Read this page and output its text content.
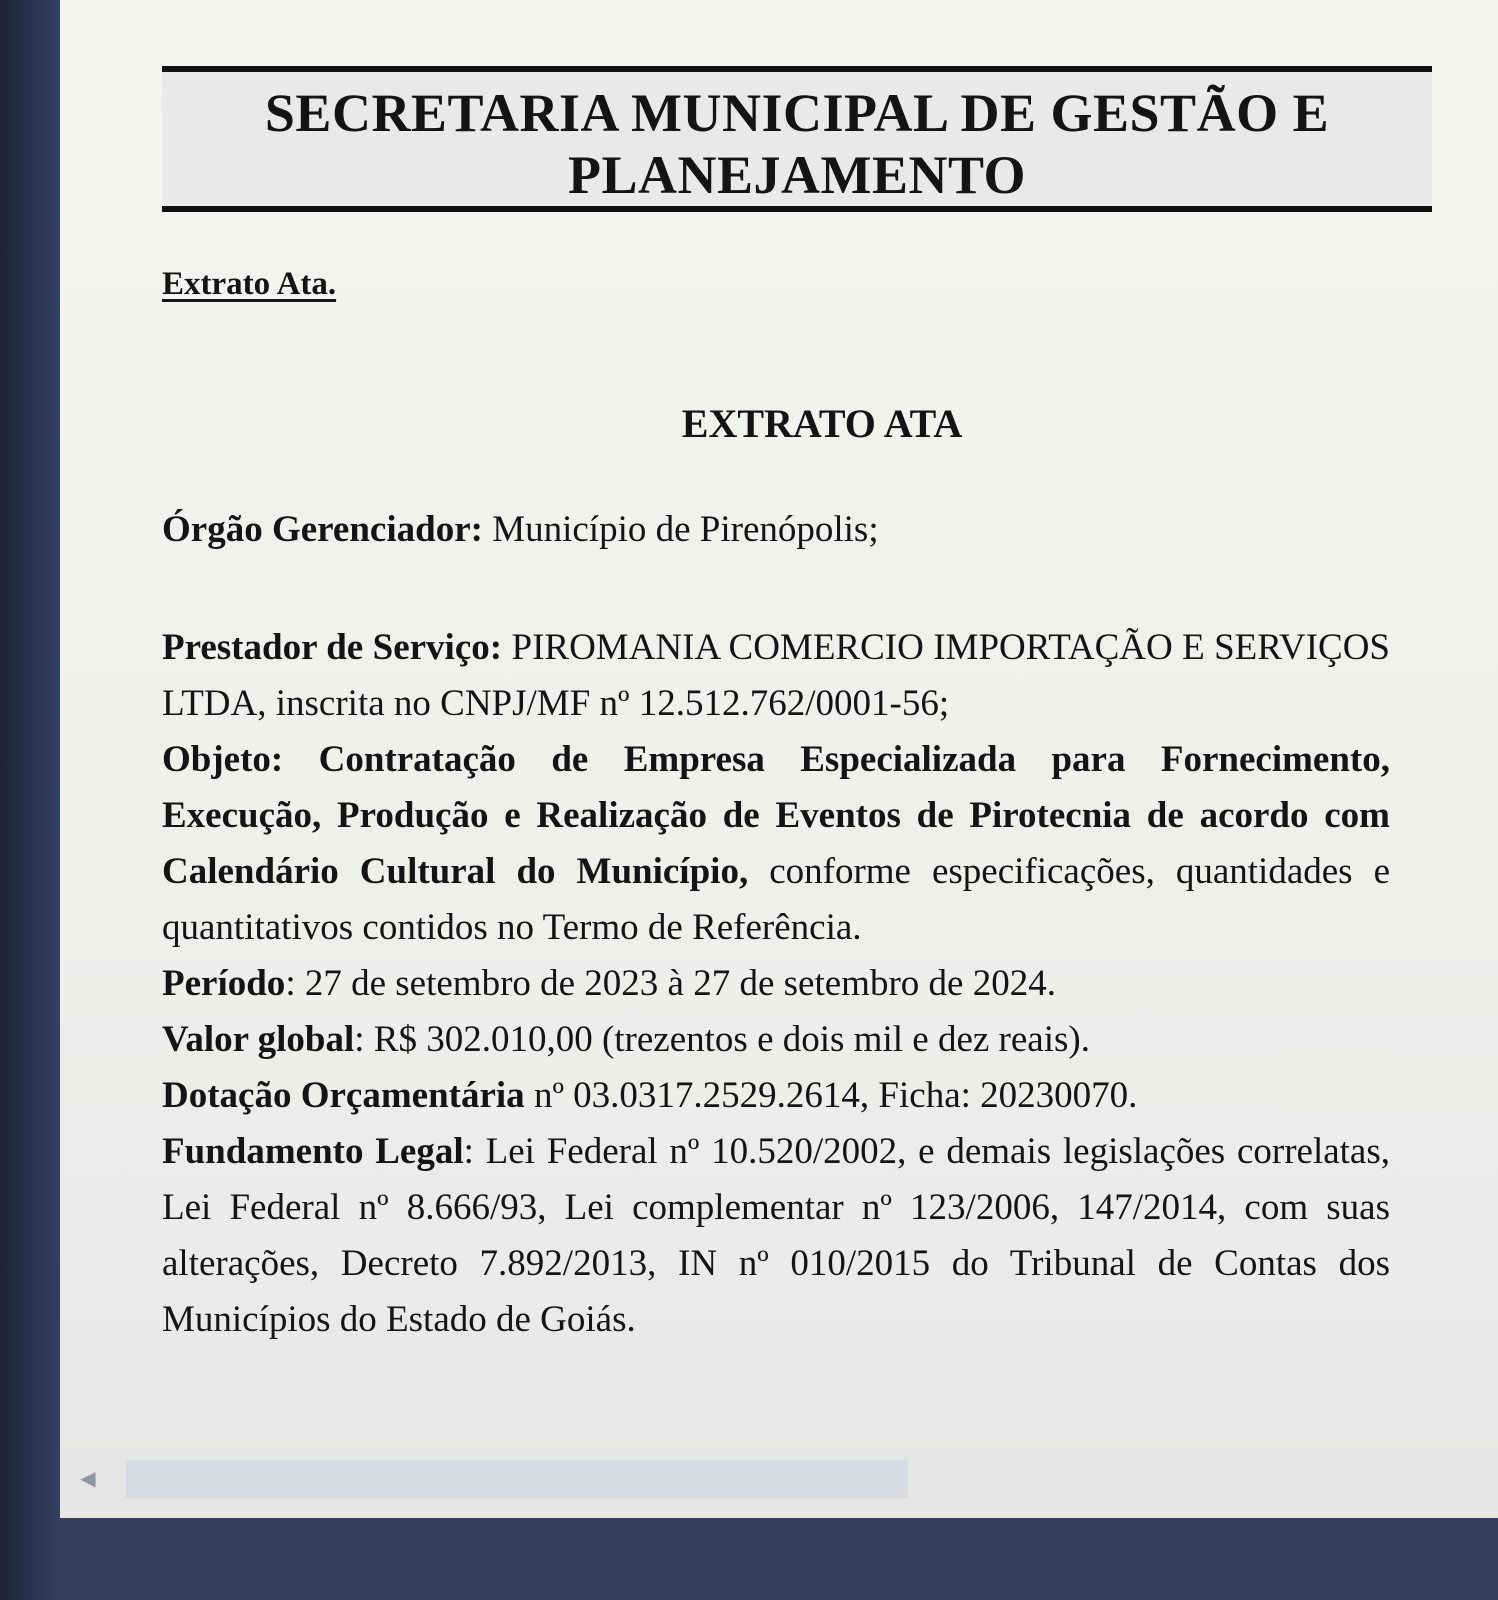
SECRETARIA MUNICIPAL DE GESTÃO E PLANEJAMENTO
Extrato Ata.
EXTRATO ATA

Órgão Gerenciador: Município de Pirenópolis;

Prestador de Serviço: PIROMANIA COMERCIO IMPORTAÇÃO E SERVIÇOS LTDA, inscrita no CNPJ/MF nº 12.512.762/0001-56;

Objeto: Contratação de Empresa Especializada para Fornecimento, Execução, Produção e Realização de Eventos de Pirotecnia de acordo com Calendário Cultural do Município, conforme especificações, quantidades e quantitativos contidos no Termo de Referência.

Período: 27 de setembro de 2023 à 27 de setembro de 2024.

Valor global: R$ 302.010,00 (trezentos e dois mil e dez reais).

Dotação Orçamentária nº 03.0317.2529.2614, Ficha: 20230070.

Fundamento Legal: Lei Federal nº 10.520/2002, e demais legislações correlatas, Lei Federal nº 8.666/93, Lei complementar nº 123/2006, 147/2014, com suas alterações, Decreto 7.892/2013, IN nº 010/2015 do Tribunal de Contas dos Municípios do Estado de Goiás.

◀
